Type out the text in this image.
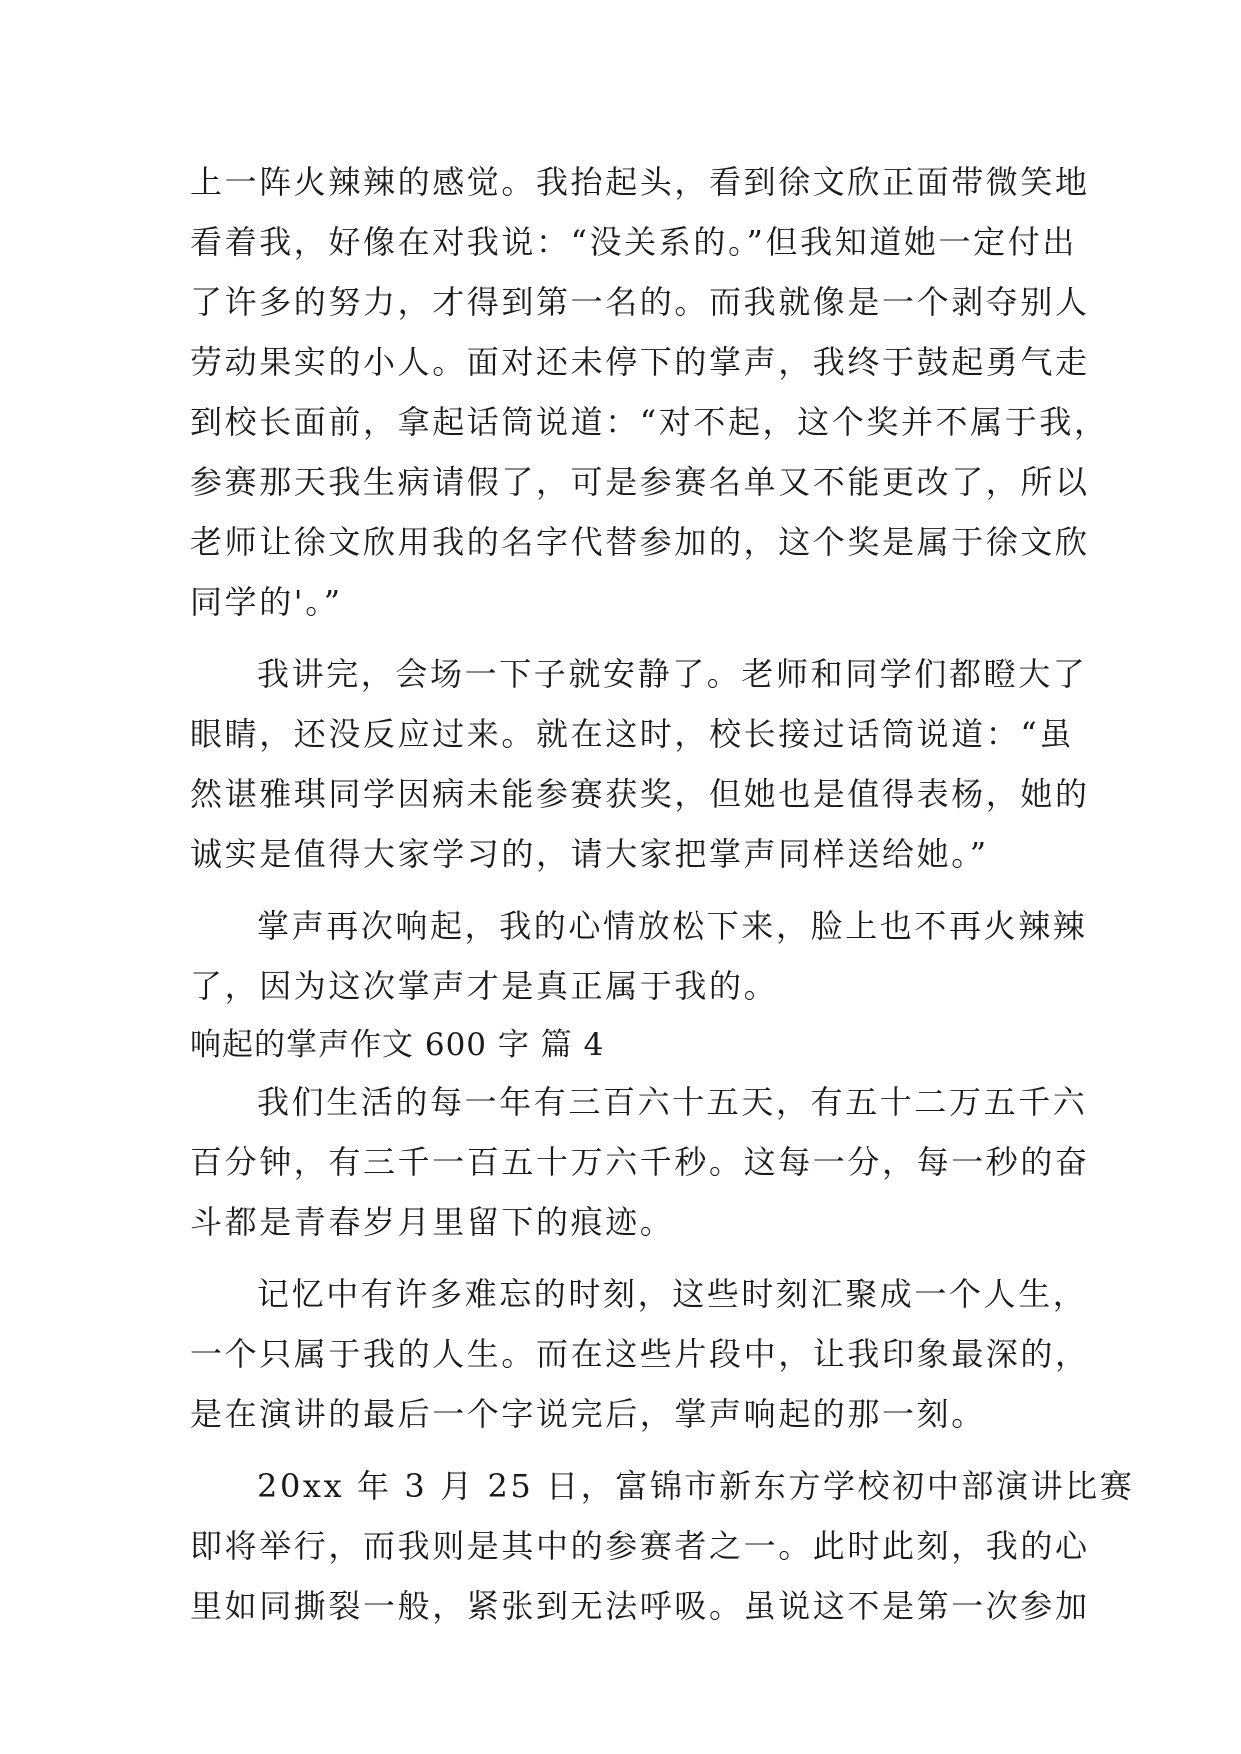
上一阵火辣辣的感觉。我抬起头，看到徐文欣正面带微笑地

看着我，好像在对我说：“没关系的。”但我知道她一定付出

了许多的努力，才得到第一名的。而我就像是一个剥夺别人

劳动果实的小人。面对还未停下的掌声，我终于鼓起勇气走

到校长面前，拿起话筒说道：“对不起，这个奖并不属于我，

参赛那天我生病请假了，可是参赛名单又不能更改了，所以

老师让徐文欣用我的名字代替参加的，这个奖是属于徐文欣

同学的'。”

我讲完，会场一下子就安静了。老师和同学们都瞪大了

眼睛，还没反应过来。就在这时，校长接过话筒说道：“虽

然谌雅琪同学因病未能参赛获奖，但她也是值得表杨，她的

诚实是值得大家学习的，请大家把掌声同样送给她。”

掌声再次响起，我的心情放松下来，脸上也不再火辣辣

了，因为这次掌声才是真正属于我的。

响起的掌声作文 600 字 篇 4

我们生活的每一年有三百六十五天，有五十二万五千六

百分钟，有三千一百五十万六千秒。这每一分，每一秒的奋

斗都是青春岁月里留下的痕迹。

记忆中有许多难忘的时刻，这些时刻汇聚成一个人生，

一个只属于我的人生。而在这些片段中，让我印象最深的，

是在演讲的最后一个字说完后，掌声响起的那一刻。

20xx 年 3 月 25 日，富锦市新东方学校初中部演讲比赛

即将举行，而我则是其中的参赛者之一。此时此刻，我的心

里如同撕裂一般，紧张到无法呼吸。虽说这不是第一次参加
